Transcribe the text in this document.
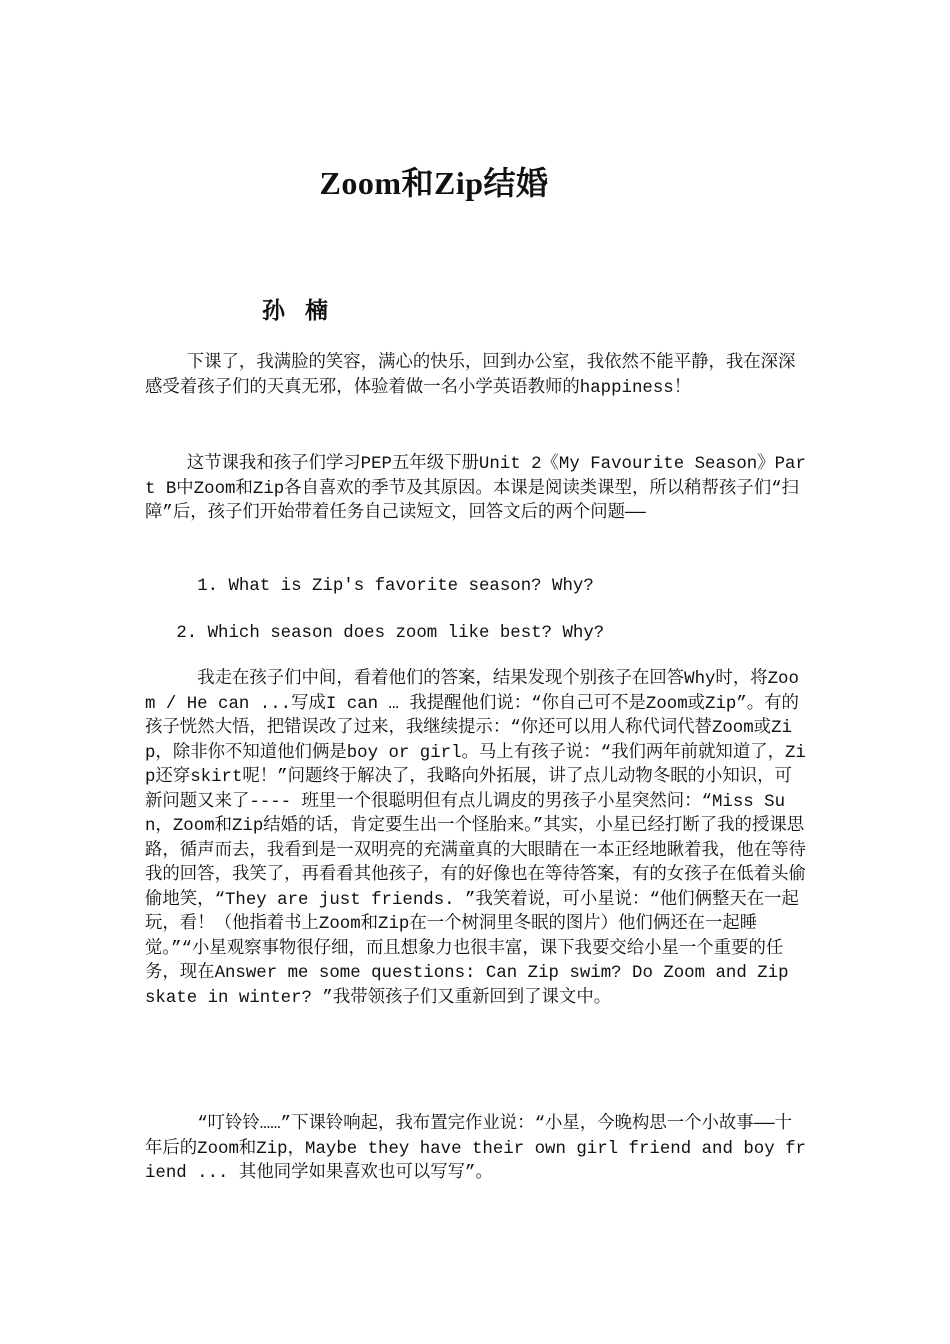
Zoom和Zip结婚
孙楠
下课了，我满脸的笑容，满心的快乐，回到办公室，我依然不能平静，我在深深感受着孩子们的天真无邪，体验着做一名小学英语教师的happiness！
这节课我和孩子们学习PEP五年级下册Unit 2《My Favourite Season》Part B中Zoom和Zip各自喜欢的季节及其原因。本课是阅读类课型，所以稍帮孩子们“扫障”后，孩子们开始带着任务自己读短文，回答文后的两个问题——
1. What is Zip's favorite season? Why?
2. Which season does zoom like best? Why?
我走在孩子们中间，看着他们的答案，结果发现个别孩子在回答Why时，将Zoom / He can ...写成I can … 我提醒他们说：“你自己可不是Zoom或Zip”。有的孩子恍然大悟，把错误改了过来，我继续提示：“你还可以用人称代词代替Zoom或Zip，除非你不知道他们俩是boy or girl。马上有孩子说：“我们两年前就知道了，Zip还穿skirt呢！”问题终于解决了，我略向外拓展，讲了点儿动物冬眠的小知识，可新问题又来了---- 班里一个很聪明但有点儿调皮的男孩子小星突然问：“Miss Sun，Zoom和Zip结婚的话，肯定要生出一个怪胎来。”其实，小星已经打断了我的授课思路，循声而去，我看到是一双明亮的充满童真的大眼睛在一本正经地瞅着我，他在等待我的回答，我笑了，再看看其他孩子，有的好像也在等待答案，有的女孩子在低着头偷偷地笑，“They are just friends. ”我笑着说，可小星说：“他们俩整天在一起玩，看！（他指着书上Zoom和Zip在一个树洞里冬眠的图片）他们俩还在一起睡觉。”“小星观察事物很仔细，而且想象力也很丰富，课下我要交给小星一个重要的任务，现在Answer me some questions: Can Zip swim? Do Zoom and Zip skate in winter? ”我带领孩子们又重新回到了课文中。
“叮铃铃……”下课铃响起，我布置完作业说：“小星，今晚构思一个小故事——十年后的Zoom和Zip，Maybe they have their own girl friend and boy friend ... 其他同学如果喜欢也可以写写”。
